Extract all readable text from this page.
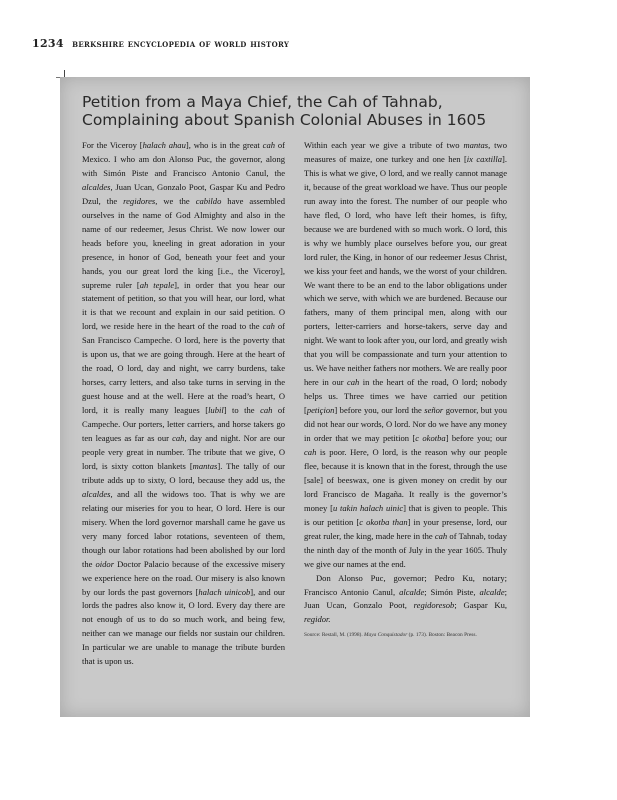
1234 berkshire encyclopedia of world history
Petition from a Maya Chief, the Cah of Tahnab,
Complaining about Spanish Colonial Abuses in 1605

For the Viceroy [halach ahau], who is in the great cah of Mexico. I who am don Alonso Puc, the governor, along with Simón Piste and Francisco Antonio Canul, the alcaldes, Juan Ucan, Gonzalo Poot, Gaspar Ku and Pedro Dzul, the regidores, we the cabildo have assembled ourselves in the name of God Almighty and also in the name of our redeemer, Jesus Christ. We now lower our heads before you, kneeling in great adoration in your presence, in honor of God, beneath your feet and your hands, you our great lord the king [i.e., the Viceroy], supreme ruler [ah tepale], in order that you hear our statement of petition, so that you will hear, our lord, what it is that we recount and explain in our said petition. O lord, we reside here in the heart of the road to the cah of San Francisco Campeche. O lord, here is the poverty that is upon us, that we are going through. Here at the heart of the road, O lord, day and night, we carry burdens, take horses, carry letters, and also take turns in serving in the guest house and at the well. Here at the road’s heart, O lord, it is really many leagues [lubil] to the cah of Campeche. Our porters, letter carriers, and horse takers go ten leagues as far as our cah, day and night. Nor are our people very great in number. The tribute that we give, O lord, is sixty cotton blankets [mantas]. The tally of our tribute adds up to sixty, O lord, because they add us, the alcaldes, and all the widows too. That is why we are relating our miseries for you to hear, O lord. Here is our misery. When the lord governor marshall came he gave us very many forced labor rotations, seventeen of them, though our labor rotations had been abolished by our lord the oidor Doctor Palacio because of the excessive misery we experience here on the road. Our misery is also known by our lords the past governors [halach uinicob], and our lords the padres also know it, O lord. Every day there are not enough of us to do so much work, and being few, neither can we manage our fields nor sustain our children. In particular we are unable to manage the tribute burden that is upon us.

Within each year we give a tribute of two mantas, two measures of maize, one turkey and one hen [ix caxtilla]. This is what we give, O lord, and we really cannot manage it, because of the great workload we have. Thus our people run away into the forest. The number of our people who have fled, O lord, who have left their homes, is fifty, because we are burdened with so much work. O lord, this is why we humbly place ourselves before you, our great lord ruler, the King, in honor of our redeemer Jesus Christ, we kiss your feet and hands, we the worst of your children. We want there to be an end to the labor obligations under which we serve, with which we are burdened. Because our fathers, many of them principal men, along with our porters, letter-carriers and horse-takers, serve day and night. We want to look after you, our lord, and greatly wish that you will be compassionate and turn your attention to us. We have neither fathers nor mothers. We are really poor here in our cah in the heart of the road, O lord; nobody helps us. Three times we have carried our petition [petiçion] before you, our lord the señor governor, but you did not hear our words, O lord. Nor do we have any money in order that we may petition [c okotba] before you; our cah is poor. Here, O lord, is the reason why our people flee, because it is known that in the forest, through the use [sale] of beeswax, one is given money on credit by our lord Francisco de Magaña. It really is the governor’s money [u takin halach uinic] that is given to people. This is our petition [c okotba than] in your presense, lord, our great ruler, the king, made here in the cah of Tahnab, today the ninth day of the month of July in the year 1605. Thuly we give our names at the end.

Don Alonso Puc, governor; Pedro Ku, notary; Francisco Antonio Canul, alcalde; Simón Piste, alcalde; Juan Ucan, Gonzalo Poot, regidoresob; Gaspar Ku, regidor.

Source: Restall, M. (1998). Maya Conquistador (p. 173). Boston: Beacon Press.
